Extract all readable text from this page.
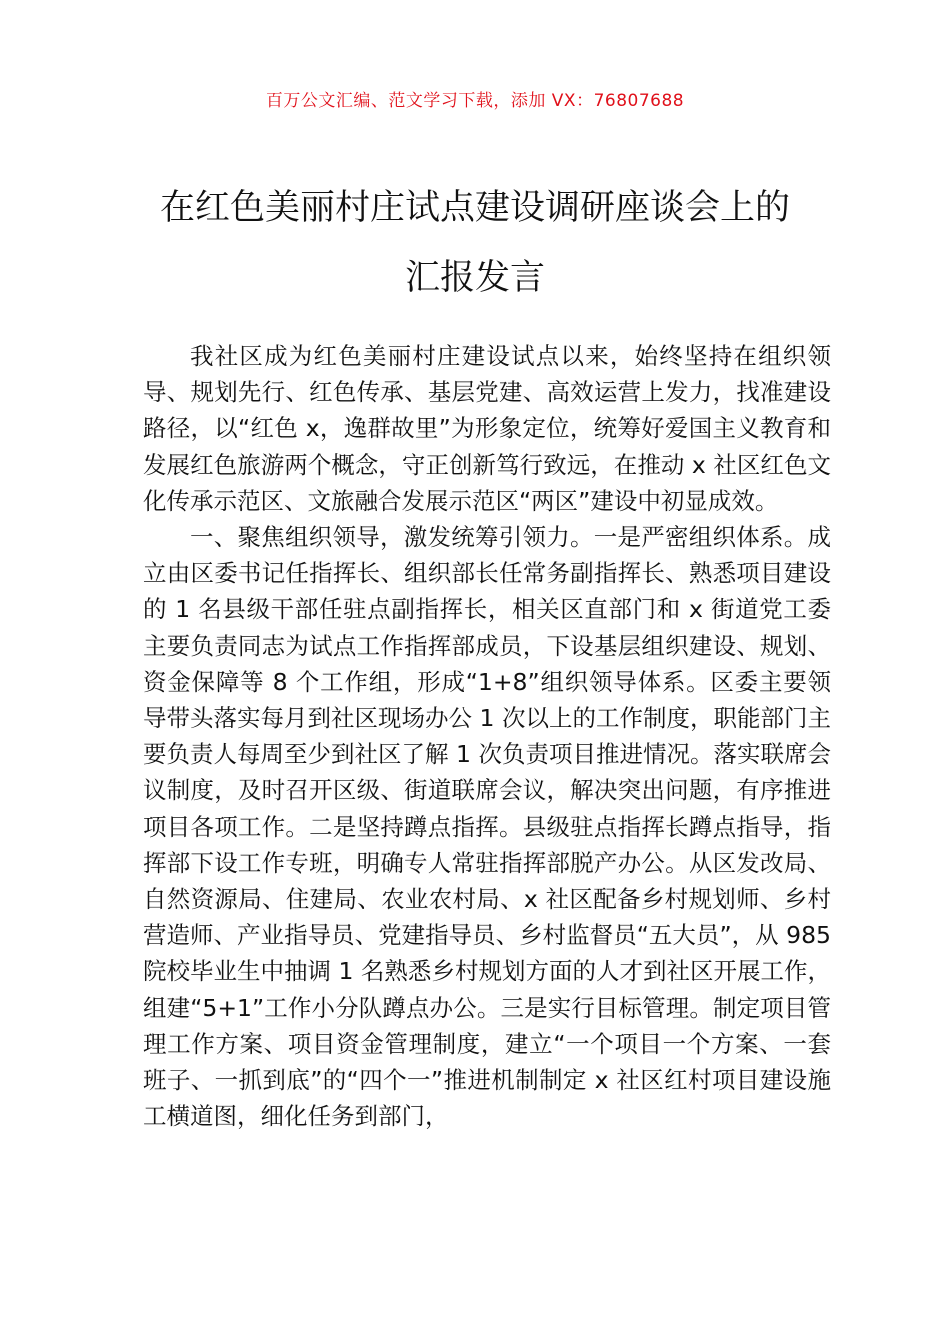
百万公文汇编、范文学习下载，添加 VX：76807688
在红色美丽村庄试点建设调研座谈会上的
汇报发言

我社区成为红色美丽村庄建设试点以来，始终坚持在组织领导、规划先行、红色传承、基层党建、高效运营上发力，找准建设路径，以“红色 x，逸群故里”为形象定位，统筹好爱国主义教育和发展红色旅游两个概念，守正创新笃行致远，在推动 x 社区红色文化传承示范区、文旅融合发展示范区“两区”建设中初显成效。

一、聚焦组织领导，激发统筹引领力。一是严密组织体系。成立由区委书记任指挥长、组织部长任常务副指挥长、熟悉项目建设的 1 名县级干部任驻点副指挥长，相关区直部门和 x 街道党工委主要负责同志为试点工作指挥部成员，下设基层组织建设、规划、资金保障等 8 个工作组，形成“1+8”组织领导体系。区委主要领导带头落实每月到社区现场办公 1 次以上的工作制度，职能部门主要负责人每周至少到社区了解 1 次负责项目推进情况。落实联席会议制度，及时召开区级、街道联席会议，解决突出问题，有序推进项目各项工作。二是坚持蹲点指挥。县级驻点指挥长蹲点指导，指挥部下设工作专班，明确专人常驻指挥部脱产办公。从区发改局、自然资源局、住建局、农业农村局、x 社区配备乡村规划师、乡村营造师、产业指导员、党建指导员、乡村监督员“五大员”，从 985 院校毕业生中抽调 1 名熟悉乡村规划方面的人才到社区开展工作，组建“5+1”工作小分队蹲点办公。三是实行目标管理。制定项目管理工作方案、项目资金管理制度，建立“一个项目一个方案、一套班子、一抓到底”的“四个一”推进机制制定 x 社区红村项目建设施工横道图，细化任务到部门，
